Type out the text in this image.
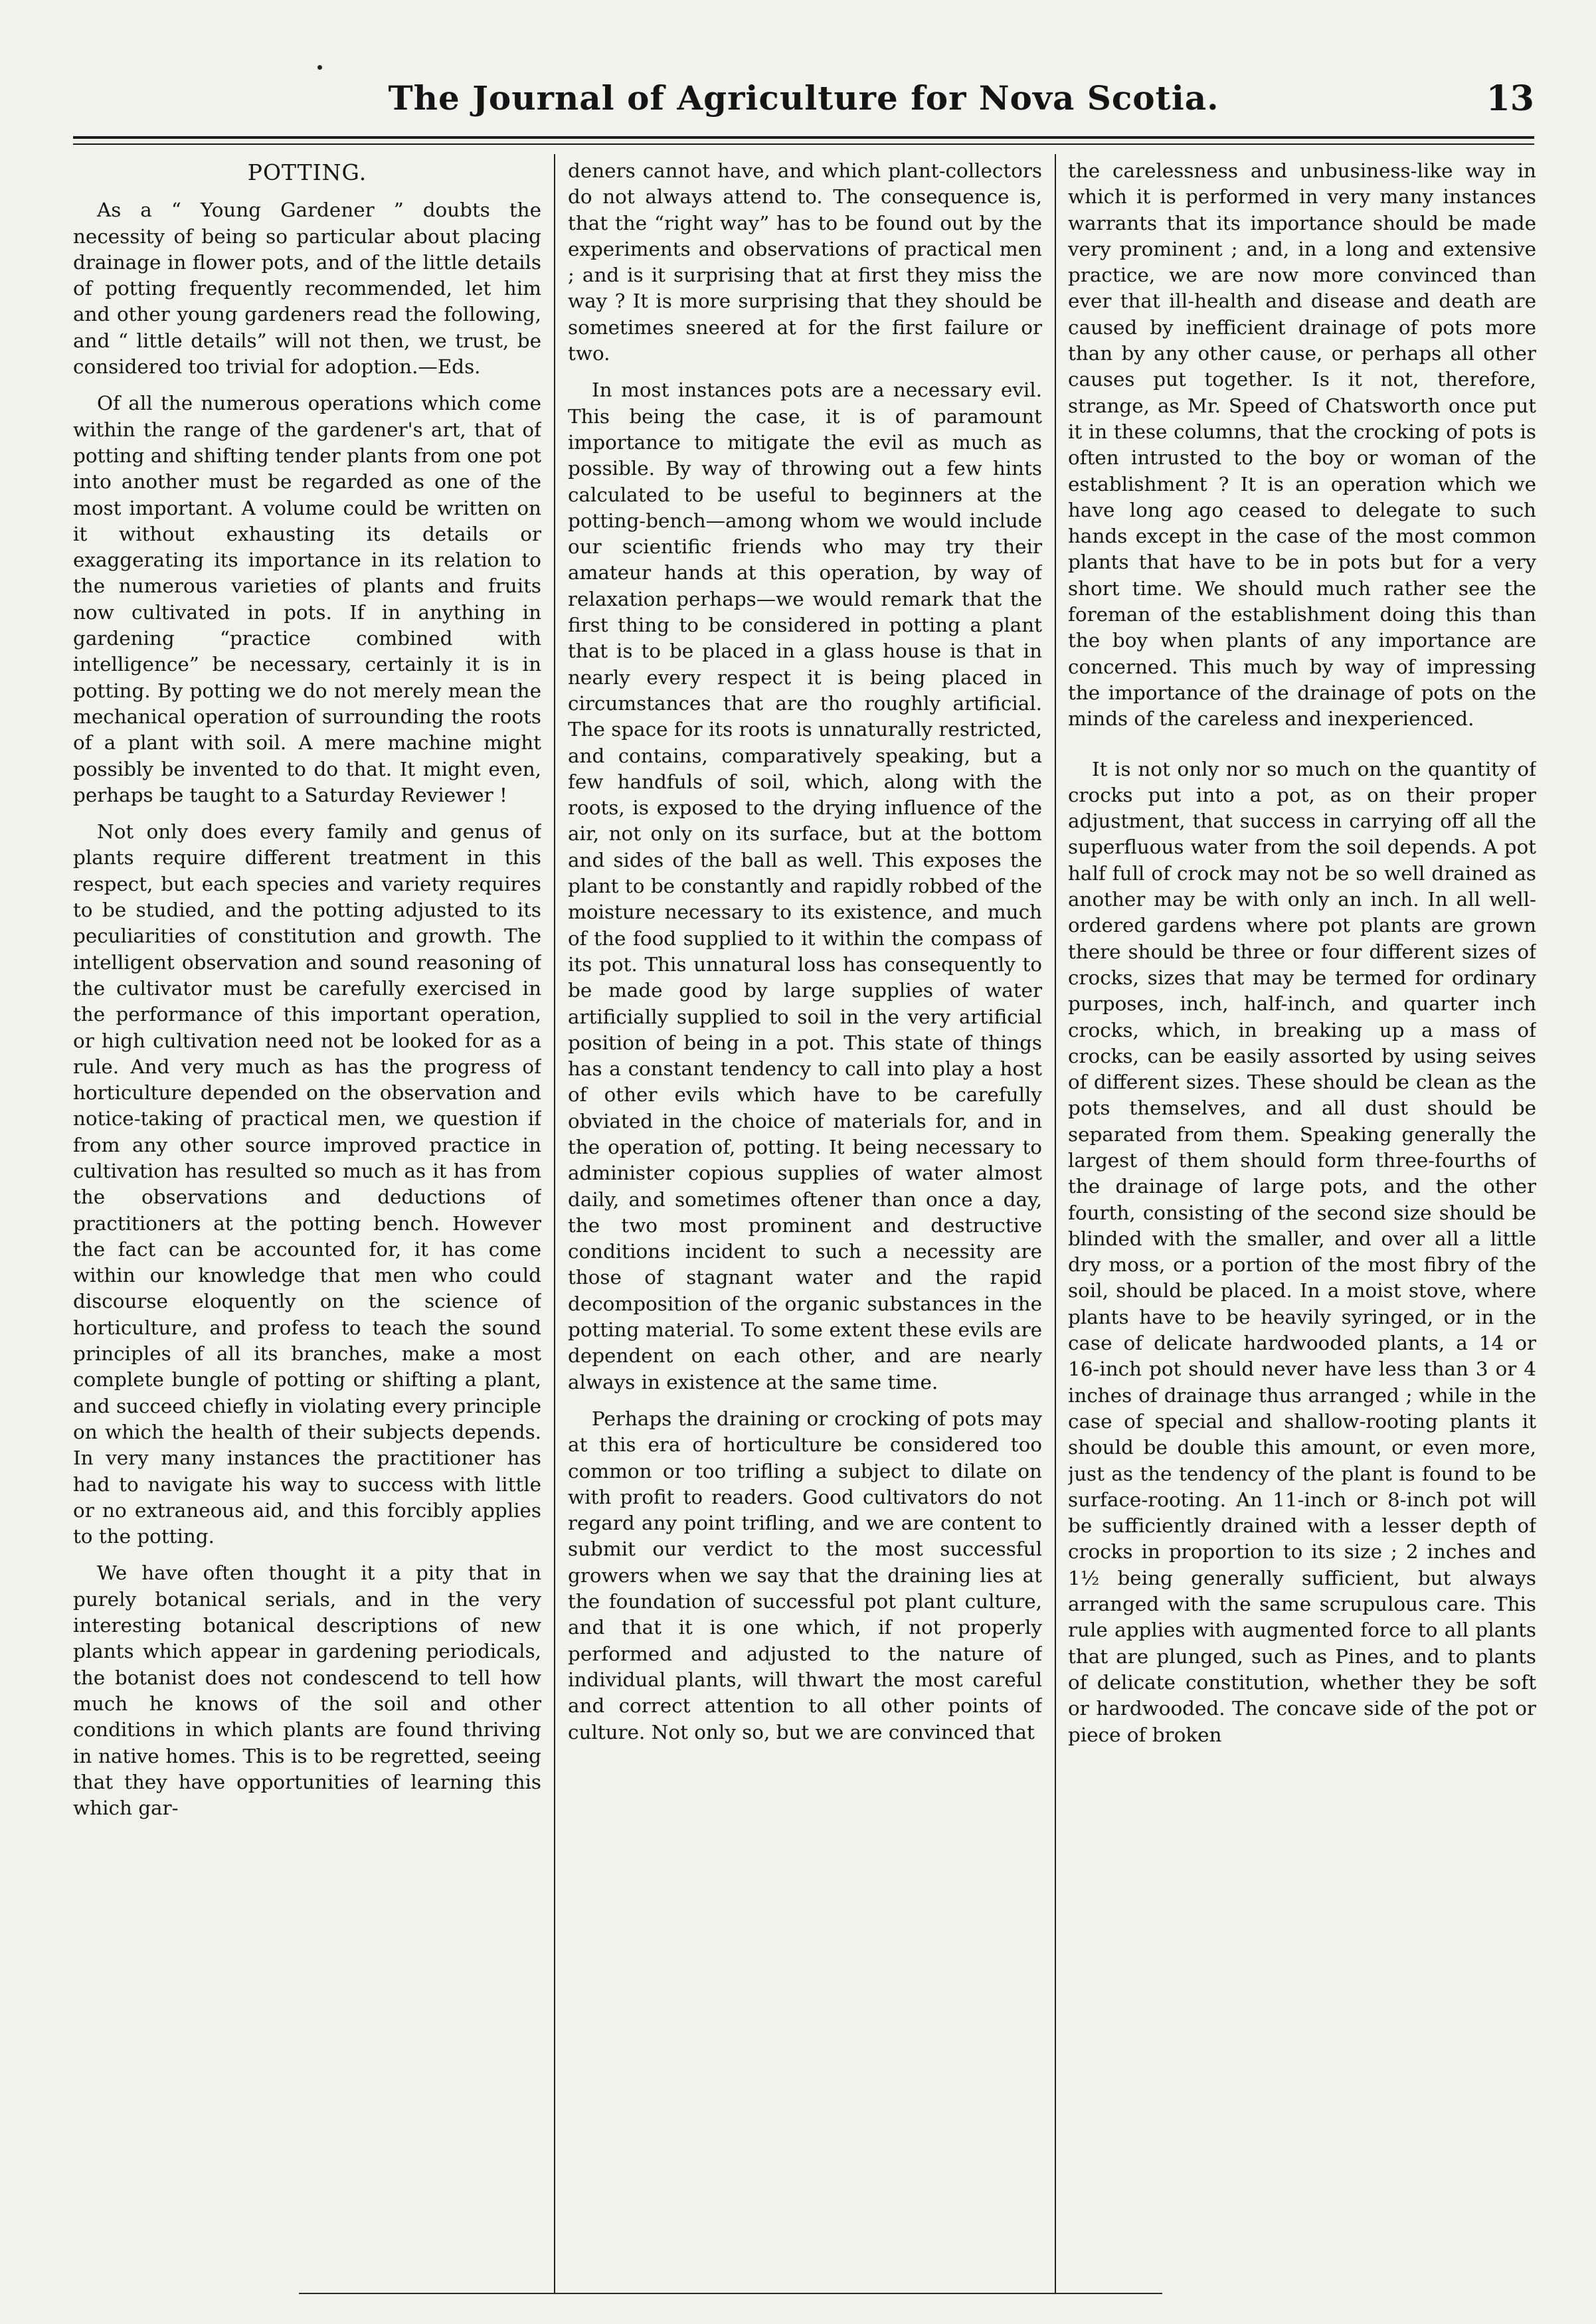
The Journal of Agriculture for Nova Scotia.	13
POTTING.

As a “ Young Gardener ” doubts the necessity of being so particular about placing drainage in flower pots, and of the little details of potting frequently recommended, let him and other young gardeners read the following, and “ little details” will not then, we trust, be considered too trivial for adoption.—Eds.

Of all the numerous operations which come within the range of the gardener's art, that of potting and shifting tender plants from one pot into another must be regarded as one of the most important. A volume could be written on it without exhausting its details or exaggerating its importance in its relation to the numerous varieties of plants and fruits now cultivated in pots. If in anything in gardening “practice combined with intelligence” be necessary, certainly it is in potting. By potting we do not merely mean the mechanical operation of surrounding the roots of a plant with soil. A mere machine might possibly be invented to do that. It might even, perhaps be taught to a Saturday Reviewer !

Not only does every family and genus of plants require different treatment in this respect, but each species and variety requires to be studied, and the potting adjusted to its peculiarities of constitution and growth. The intelligent observation and sound reasoning of the cultivator must be carefully exercised in the performance of this important operation, or high cultivation need not be looked for as a rule. And very much as has the progress of horticulture depended on the observation and notice-taking of practical men, we question if from any other source improved practice in cultivation has resulted so much as it has from the observations and deductions of practitioners at the potting bench. However the fact can be accounted for, it has come within our knowledge that men who could discourse eloquently on the science of horticulture, and profess to teach the sound principles of all its branches, make a most complete bungle of potting or shifting a plant, and succeed chiefly in violating every principle on which the health of their subjects depends. In very many instances the practitioner has had to navigate his way to success with little or no extraneous aid, and this forcibly applies to the potting.

We have often thought it a pity that in purely botanical serials, and in the very interesting botanical descriptions of new plants which appear in gardening periodicals, the botanist does not condescend to tell how much he knows of the soil and other conditions in which plants are found thriving in native homes. This is to be regretted, seeing that they have opportunities of learning this which gar-

deners cannot have, and which plant-collectors do not always attend to. The consequence is, that the “right way” has to be found out by the experiments and observations of practical men ; and is it surprising that at first they miss the way ? It is more surprising that they should be sometimes sneered at for the first failure or two.

In most instances pots are a necessary evil. This being the case, it is of paramount importance to mitigate the evil as much as possible. By way of throwing out a few hints calculated to be useful to beginners at the potting-bench—among whom we would include our scientific friends who may try their amateur hands at this operation, by way of relaxation perhaps—we would remark that the first thing to be considered in potting a plant that is to be placed in a glass house is that in nearly every respect it is being placed in circumstances that are tho roughly artificial. The space for its roots is unnaturally restricted, and contains, comparatively speaking, but a few handfuls of soil, which, along with the roots, is exposed to the drying influence of the air, not only on its surface, but at the bottom and sides of the ball as well. This exposes the plant to be constantly and rapidly robbed of the moisture necessary to its existence, and much of the food supplied to it within the compass of its pot. This unnatural loss has consequently to be made good by large supplies of water artificially supplied to soil in the very artificial position of being in a pot. This state of things has a constant tendency to call into play a host of other evils which have to be carefully obviated in the choice of materials for, and in the operation of, potting. It being necessary to administer copious supplies of water almost daily, and sometimes oftener than once a day, the two most prominent and destructive conditions incident to such a necessity are those of stagnant water and the rapid decomposition of the organic substances in the potting material. To some extent these evils are dependent on each other, and are nearly always in existence at the same time.

Perhaps the draining or crocking of pots may at this era of horticulture be considered too common or too trifling a subject to dilate on with profit to readers. Good cultivators do not regard any point trifling, and we are content to submit our verdict to the most successful growers when we say that the draining lies at the foundation of successful pot plant culture, and that it is one which, if not properly performed and adjusted to the nature of individual plants, will thwart the most careful and correct attention to all other points of culture. Not only so, but we are convinced that

the carelessness and unbusiness-like way in which it is performed in very many instances warrants that its importance should be made very prominent ; and, in a long and extensive practice, we are now more convinced than ever that ill-health and disease and death are caused by inefficient drainage of pots more than by any other cause, or perhaps all other causes put together. Is it not, therefore, strange, as Mr. Speed of Chatsworth once put it in these columns, that the crocking of pots is often intrusted to the boy or woman of the establishment ? It is an operation which we have long ago ceased to delegate to such hands except in the case of the most common plants that have to be in pots but for a very short time. We should much rather see the foreman of the establishment doing this than the boy when plants of any importance are concerned. This much by way of impressing the importance of the drainage of pots on the minds of the careless and inexperienced.

It is not only nor so much on the quantity of crocks put into a pot, as on their proper adjustment, that success in carrying off all the superfluous water from the soil depends. A pot half full of crock may not be so well drained as another may be with only an inch. In all well-ordered gardens where pot plants are grown there should be three or four different sizes of crocks, sizes that may be termed for ordinary purposes, inch, half-inch, and quarter inch crocks, which, in breaking up a mass of crocks, can be easily assorted by using seives of different sizes. These should be clean as the pots themselves, and all dust should be separated from them. Speaking generally the largest of them should form three-fourths of the drainage of large pots, and the other fourth, consisting of the second size should be blinded with the smaller, and over all a little dry moss, or a portion of the most fibry of the soil, should be placed. In a moist stove, where plants have to be heavily syringed, or in the case of delicate hardwooded plants, a 14 or 16-inch pot should never have less than 3 or 4 inches of drainage thus arranged ; while in the case of special and shallow-rooting plants it should be double this amount, or even more, just as the tendency of the plant is found to be surface-rooting. An 11-inch or 8-inch pot will be sufficiently drained with a lesser depth of crocks in proportion to its size ; 2 inches and 1½ being generally sufficient, but always arranged with the same scrupulous care. This rule applies with augmented force to all plants that are plunged, such as Pines, and to plants of delicate constitution, whether they be soft or hardwooded. The concave side of the pot or piece of broken
